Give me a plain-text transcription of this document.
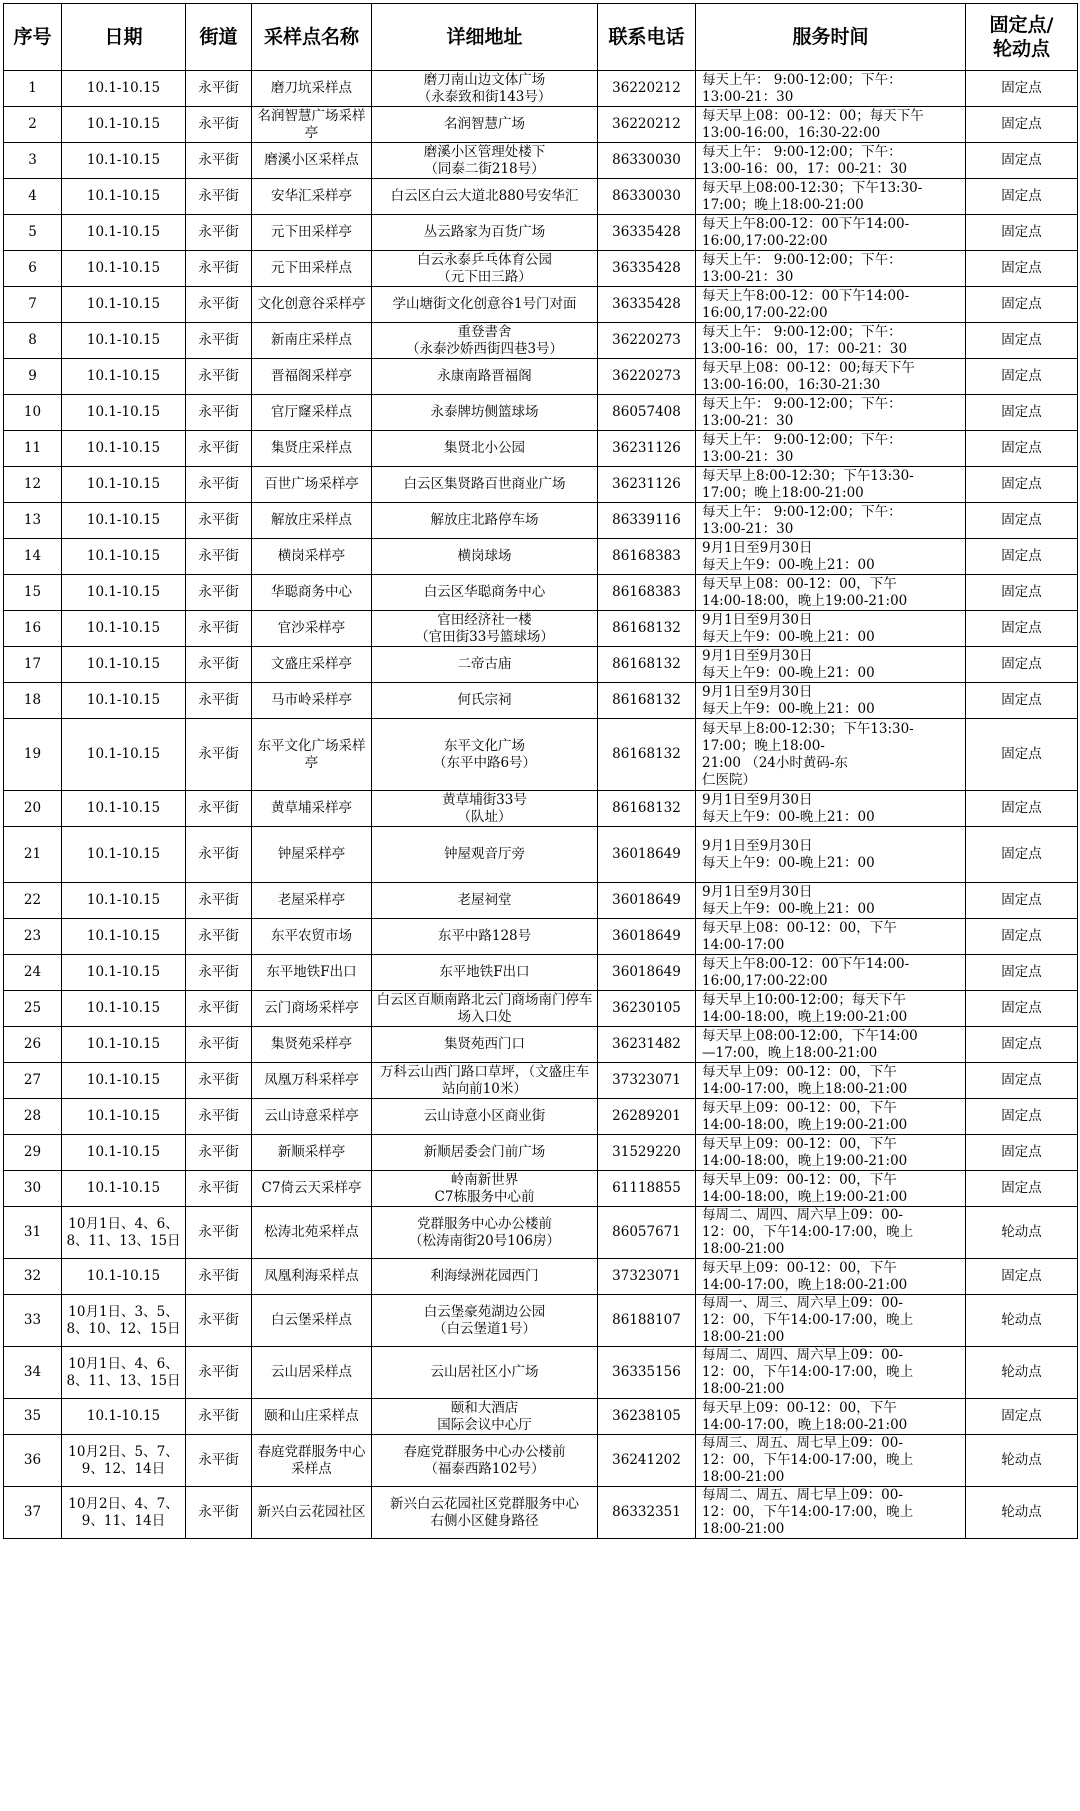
序号	日期	街道	采样点名称	详细地址	联系电话	服务时间	固定点/
轮动点
1	10.1-10.15	永平街	磨刀坑采样点	磨刀南山边文体广场
（永泰致和街143号）	36220212	每天上午： 9:00-12:00；下午：
13:00-21：30	固定点
2	10.1-10.15	永平街	名润智慧广场采样亭	名润智慧广场	36220212	每天早上08：00-12：00；每天下午
13:00-16:00，16:30-22:00	固定点
3	10.1-10.15	永平街	磨溪小区采样点	磨溪小区管理处楼下
（同泰二街218号）	86330030	每天上午： 9:00-12:00；下午：
13:00-16：00，17：00-21：30	固定点
4	10.1-10.15	永平街	安华汇采样亭	白云区白云大道北880号安华汇	86330030	每天早上08:00-12:30；下午13:30-
17:00；晚上18:00-21:00	固定点
5	10.1-10.15	永平街	元下田采样亭	丛云路家为百货广场	36335428	每天上午8:00-12：00下午14:00-
16:00,17:00-22:00	固定点
6	10.1-10.15	永平街	元下田采样点	白云永泰乒乓体育公园
（元下田三路）	36335428	每天上午： 9:00-12:00；下午：
13:00-21：30	固定点
7	10.1-10.15	永平街	文化创意谷采样亭	学山塘街文化创意谷1号门对面	36335428	每天上午8:00-12：00下午14:00-
16:00,17:00-22:00	固定点
8	10.1-10.15	永平街	新南庄采样点	重登書舍
（永泰沙娇西街四巷3号）	36220273	每天上午： 9:00-12:00；下午：
13:00-16：00，17：00-21：30	固定点
9	10.1-10.15	永平街	晋福阁采样亭	永康南路晋福阁	36220273	每天早上08：00-12：00;每天下午
13:00-16:00，16:30-21:30	固定点
10	10.1-10.15	永平街	官厅窿采样点	永泰牌坊侧篮球场	86057408	每天上午： 9:00-12:00；下午：
13:00-21：30	固定点
11	10.1-10.15	永平街	集贤庄采样点	集贤北小公园	36231126	每天上午： 9:00-12:00；下午：
13:00-21：30	固定点
12	10.1-10.15	永平街	百世广场采样亭	白云区集贤路百世商业广场	36231126	每天早上8:00-12:30；下午13:30-
17:00；晚上18:00-21:00	固定点
13	10.1-10.15	永平街	解放庄采样点	解放庄北路停车场	86339116	每天上午： 9:00-12:00；下午：
13:00-21：30	固定点
14	10.1-10.15	永平街	横岗采样亭	横岗球场	86168383	9月1日至9月30日
每天上午9：00-晚上21：00	固定点
15	10.1-10.15	永平街	华聪商务中心	白云区华聪商务中心	86168383	每天早上08：00-12：00，下午
14:00-18:00，晚上19:00-21:00	固定点
16	10.1-10.15	永平街	官沙采样亭	官田经济社一楼
（官田街33号篮球场）	86168132	9月1日至9月30日
每天上午9：00-晚上21：00	固定点
17	10.1-10.15	永平街	文盛庄采样亭	二帝古庙	86168132	9月1日至9月30日
每天上午9：00-晚上21：00	固定点
18	10.1-10.15	永平街	马市岭采样亭	何氏宗祠	86168132	9月1日至9月30日
每天上午9：00-晚上21：00	固定点
19	10.1-10.15	永平街	东平文化广场采样亭	东平文化广场
（东平中路6号）	86168132	每天早上8:00-12:30；下午13:30-
17:00；晚上18:00-
21:00 （24小时黄码-东
仁医院）	固定点
20	10.1-10.15	永平街	黄草埔采样亭	黄草埔街33号
（队址）	86168132	9月1日至9月30日
每天上午9：00-晚上21：00	固定点
21	10.1-10.15	永平街	钟屋采样亭	钟屋观音厅旁	36018649	9月1日至9月30日
每天上午9：00-晚上21：00	固定点
22	10.1-10.15	永平街	老屋采样亭	老屋祠堂	36018649	9月1日至9月30日
每天上午9：00-晚上21：00	固定点
23	10.1-10.15	永平街	东平农贸市场	东平中路128号	36018649	每天早上08：00-12：00，下午
14:00-17:00	固定点
24	10.1-10.15	永平街	东平地铁F出口	东平地铁F出口	36018649	每天上午8:00-12：00下午14:00-
16:00,17:00-22:00	固定点
25	10.1-10.15	永平街	云门商场采样亭	白云区百顺南路北云门商场南门停车场入口处	36230105	每天早上10:00-12:00；每天下午
14:00-18:00，晚上19:00-21:00	固定点
26	10.1-10.15	永平街	集贤苑采样亭	集贤苑西门口	36231482	每天早上08:00-12:00，下午14:00
—17:00，晚上18:00-21:00	固定点
27	10.1-10.15	永平街	凤凰万科采样亭	万科云山西门路口草坪，（文盛庄车站向前10米）	37323071	每天早上09：00-12：00，下午
14:00-17:00，晚上18:00-21:00	固定点
28	10.1-10.15	永平街	云山诗意采样亭	云山诗意小区商业街	26289201	每天早上09：00-12：00，下午
14:00-18:00，晚上19:00-21:00	固定点
29	10.1-10.15	永平街	新顺采样亭	新顺居委会门前广场	31529220	每天早上09：00-12：00，下午
14:00-18:00，晚上19:00-21:00	固定点
30	10.1-10.15	永平街	C7倚云天采样亭	岭南新世界
C7栋服务中心前	61118855	每天早上09：00-12：00，下午
14:00-18:00，晚上19:00-21:00	固定点
31	10月1日、4、6、8、11、13、15日	永平街	松涛北苑采样点	党群服务中心办公楼前
（松涛南街20号106房）	86057671	每周二、周四、周六早上09：00-
12：00，下午14:00-17:00，晚上
18:00-21:00	轮动点
32	10.1-10.15	永平街	凤凰利海采样点	利海绿洲花园西门	37323071	每天早上09：00-12：00，下午
14:00-17:00，晚上18:00-21:00	固定点
33	10月1日、3、5、8、10、12、15日	永平街	白云堡采样点	白云堡豪苑湖边公园
（白云堡道1号）	86188107	每周一、周三、周六早上09：00-
12：00，下午14:00-17:00，晚上
18:00-21:00	轮动点
34	10月1日、4、6、8、11、13、15日	永平街	云山居采样点	云山居社区小广场	36335156	每周二、周四、周六早上09：00-
12：00，下午14:00-17:00，晚上
18:00-21:00	轮动点
35	10.1-10.15	永平街	颐和山庄采样点	颐和大酒店
国际会议中心厅	36238105	每天早上09：00-12：00，下午
14:00-17:00，晚上18:00-21:00	固定点
36	10月2日、5、7、9、12、14日	永平街	春庭党群服务中心采样点	春庭党群服务中心办公楼前
（福泰西路102号）	36241202	每周三、周五、周七早上09：00-
12：00，下午14:00-17:00，晚上
18:00-21:00	轮动点
37	10月2日、4、7、9、11、14日	永平街	新兴白云花园社区	新兴白云花园社区党群服务中心
右侧小区健身路径	86332351	每周二、周五、周七早上09：00-
12：00，下午14:00-17:00，晚上
18:00-21:00	轮动点
